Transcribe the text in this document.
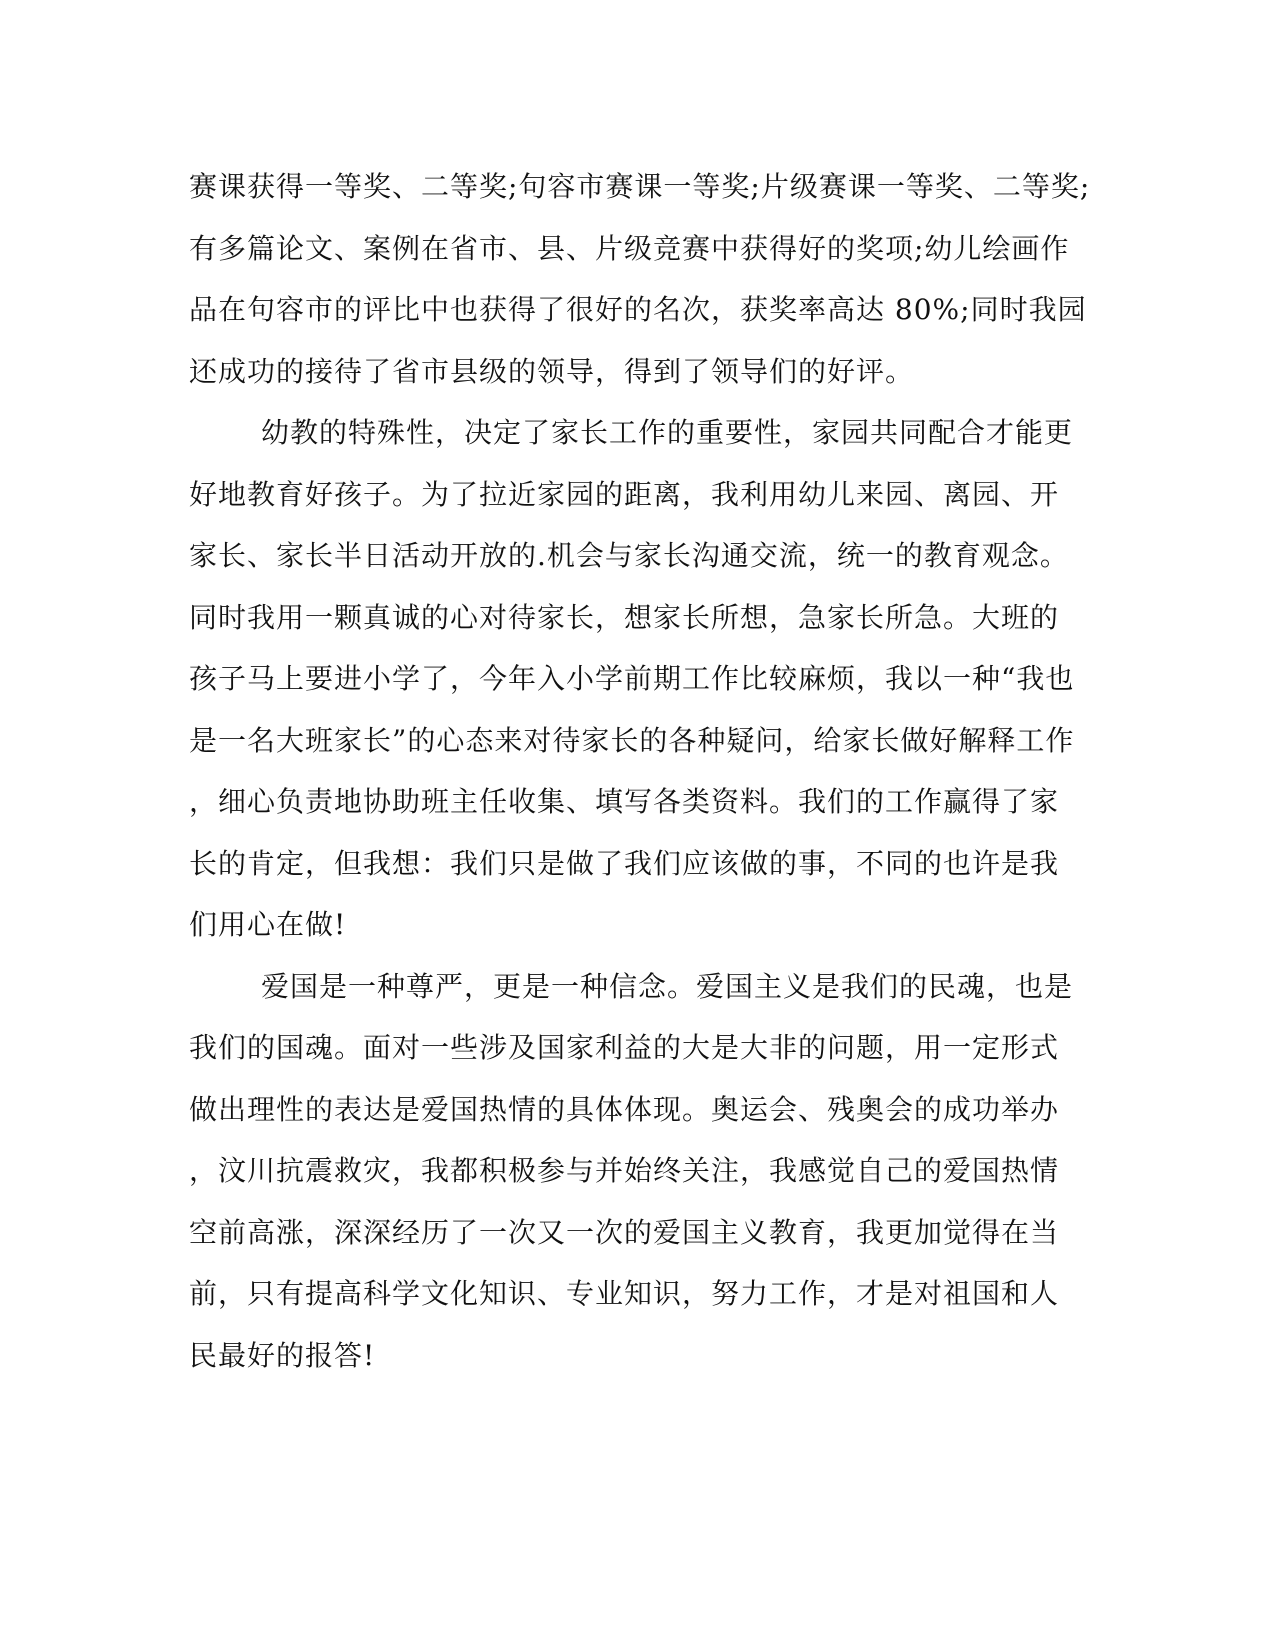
赛课获得一等奖、二等奖;句容市赛课一等奖;片级赛课一等奖、二等奖;
有多篇论文、案例在省市、县、片级竞赛中获得好的奖项;幼儿绘画作
品在句容市的评比中也获得了很好的名次，获奖率高达 80%;同时我园
还成功的接待了省市县级的领导，得到了领导们的好评。
幼教的特殊性，决定了家长工作的重要性，家园共同配合才能更
好地教育好孩子。为了拉近家园的距离，我利用幼儿来园、离园、开
家长、家长半日活动开放的.机会与家长沟通交流，统一的教育观念。
同时我用一颗真诚的心对待家长，想家长所想，急家长所急。大班的
孩子马上要进小学了，今年入小学前期工作比较麻烦，我以一种“我也
是一名大班家长”的心态来对待家长的各种疑问，给家长做好解释工作
，细心负责地协助班主任收集、填写各类资料。我们的工作赢得了家
长的肯定，但我想：我们只是做了我们应该做的事，不同的也许是我
们用心在做!
爱国是一种尊严，更是一种信念。爱国主义是我们的民魂，也是
我们的国魂。面对一些涉及国家利益的大是大非的问题，用一定形式
做出理性的表达是爱国热情的具体体现。奥运会、残奥会的成功举办
，汶川抗震救灾，我都积极参与并始终关注，我感觉自己的爱国热情
空前高涨，深深经历了一次又一次的爱国主义教育，我更加觉得在当
前，只有提高科学文化知识、专业知识，努力工作，才是对祖国和人
民最好的报答!
